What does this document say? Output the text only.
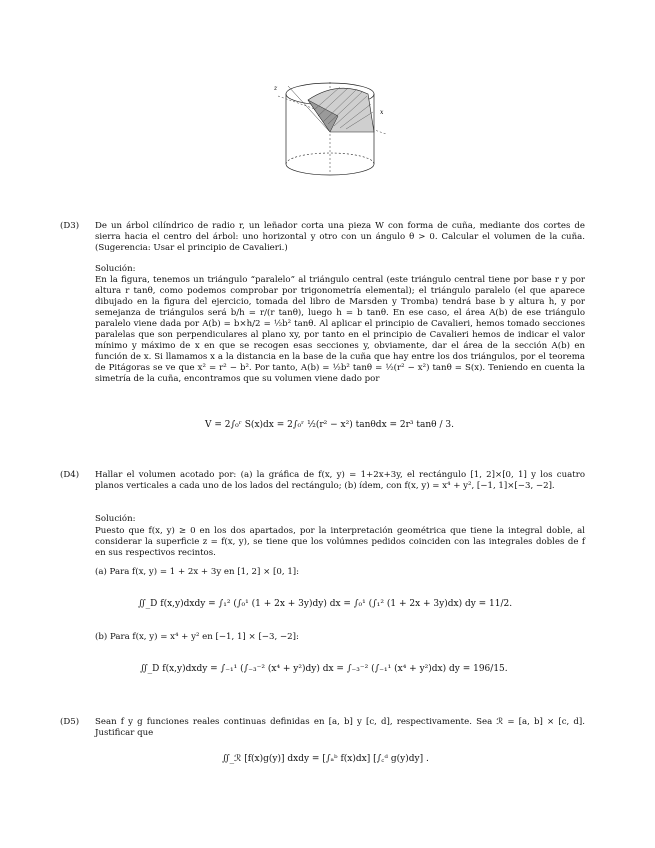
z
x
(D3) De un árbol cilíndrico de radio r, un leñador corta una pieza W con forma de cuña, mediante dos cortes de sierra hacia el centro del árbol: uno horizontal y otro con un ángulo θ > 0. Calcular el volumen de la cuña. (Sugerencia: Usar el principio de Cavalieri.)
Solución:
En la figura, tenemos un triángulo “paralelo” al triángulo central (este triángulo central tiene por base r y por altura r tanθ, como podemos comprobar por trigonometría elemental); el triángulo paralelo (el que aparece dibujado en la figura del ejercicio, tomada del libro de Marsden y Tromba) tendrá base b y altura h, y por semejanza de triángulos será b/h = r/(r tanθ), luego h = b tanθ. En ese caso, el área A(b) de ese triángulo paralelo viene dada por A(b) = b×h/2 = ½b² tanθ. Al aplicar el principio de Cavalieri, hemos tomado secciones paralelas que son perpendiculares al plano xy, por tanto en el principio de Cavalieri hemos de indicar el valor mínimo y máximo de x en que se recogen esas secciones y, obviamente, dar el área de la sección A(b) en función de x. Si llamamos x a la distancia en la base de la cuña que hay entre los dos triángulos, por el teorema de Pitágoras se ve que x² = r² − b². Por tanto, A(b) = ½b² tanθ = ½(r² − x²) tanθ = S(x). Teniendo en cuenta la simetría de la cuña, encontramos que su volumen viene dado por
V = 2∫₀ʳ S(x)dx = 2∫₀ʳ ½(r² − x²) tanθdx = 2r³ tanθ / 3.
(D4) Hallar el volumen acotado por: (a) la gráfica de f(x, y) = 1+2x+3y, el rectángulo [1, 2]×[0, 1] y los cuatro planos verticales a cada uno de los lados del rectángulo; (b) ídem, con f(x, y) = x⁴ + y², [−1, 1]×[−3, −2].
Solución:
Puesto que f(x, y) ≥ 0 en los dos apartados, por la interpretación geométrica que tiene la integral doble, al considerar la superficie z = f(x, y), se tiene que los volúmnes pedidos coinciden con las integrales dobles de f en sus respectivos recintos.
(a) Para f(x, y) = 1 + 2x + 3y en [1, 2] × [0, 1]:
∬_D f(x,y)dxdy = ∫₁² (∫₀¹ (1 + 2x + 3y)dy) dx = ∫₀¹ (∫₁² (1 + 2x + 3y)dx) dy = 11/2.
(b) Para f(x, y) = x⁴ + y² en [−1, 1] × [−3, −2]:
∬_D f(x,y)dxdy = ∫₋₁¹ (∫₋₃⁻² (x⁴ + y²)dy) dx = ∫₋₃⁻² (∫₋₁¹ (x⁴ + y²)dx) dy = 196/15.
(D5) Sean f y g funciones reales continuas definidas en [a, b] y [c, d], respectivamente. Sea ℛ = [a, b] × [c, d]. Justificar que
∬_ℛ [f(x)g(y)] dxdy = [∫ₐᵇ f(x)dx] [∫꜀ᵈ g(y)dy] .
